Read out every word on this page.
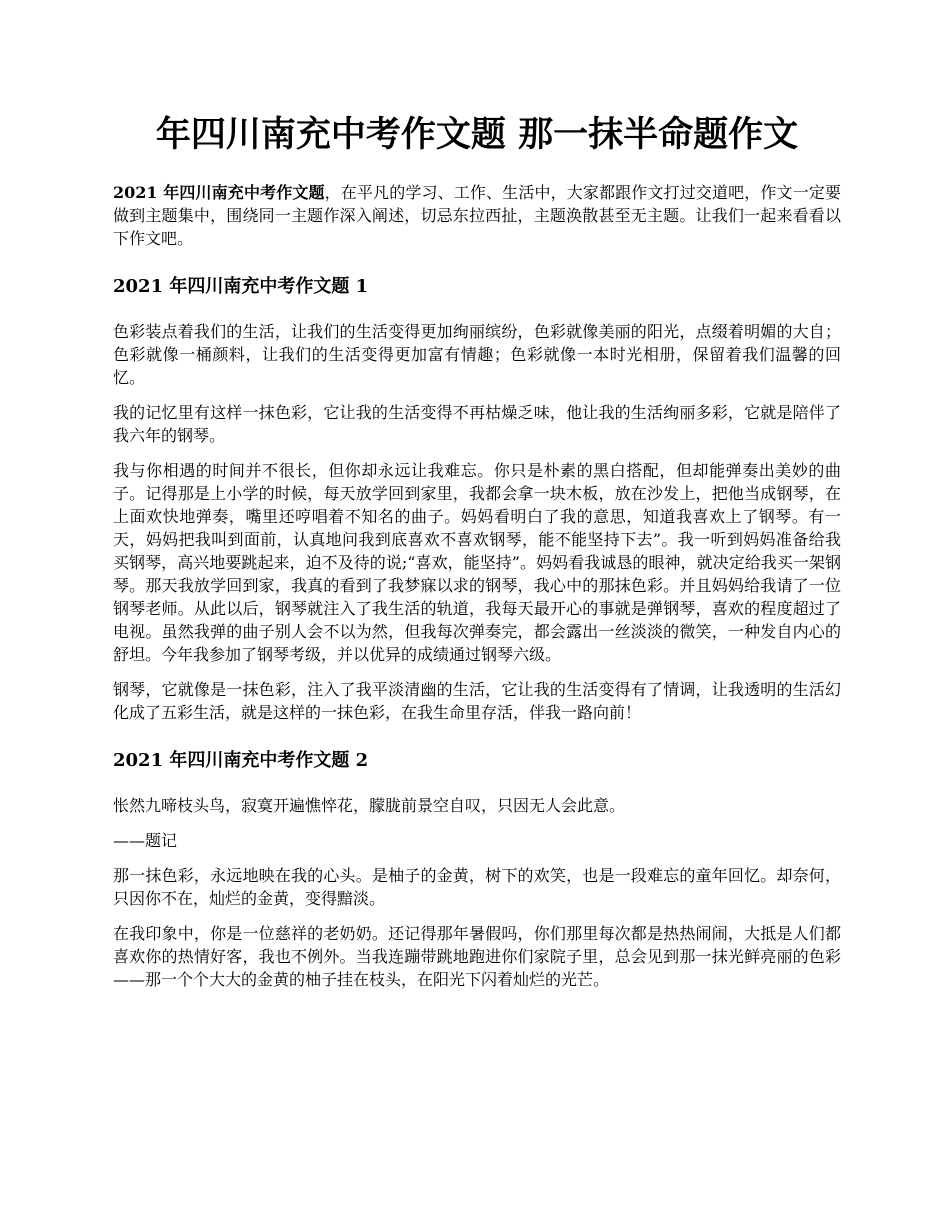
年四川南充中考作文题 那一抹半命题作文

2021 年四川南充中考作文题，在平凡的学习、工作、生活中，大家都跟作文打过交道吧，作文一定要做到主题集中，围绕同一主题作深入阐述，切忌东拉西扯，主题涣散甚至无主题。让我们一起来看看以下作文吧。

2021 年四川南充中考作文题 1

色彩装点着我们的生活，让我们的生活变得更加绚丽缤纷，色彩就像美丽的阳光，点缀着明媚的大自；色彩就像一桶颜料，让我们的生活变得更加富有情趣；色彩就像一本时光相册，保留着我们温馨的回忆。

我的记忆里有这样一抹色彩，它让我的生活变得不再枯燥乏味，他让我的生活绚丽多彩，它就是陪伴了我六年的钢琴。

我与你相遇的时间并不很长，但你却永远让我难忘。你只是朴素的黑白搭配，但却能弹奏出美妙的曲子。记得那是上小学的时候，每天放学回到家里，我都会拿一块木板，放在沙发上，把他当成钢琴，在上面欢快地弹奏，嘴里还哼唱着不知名的曲子。妈妈看明白了我的意思，知道我喜欢上了钢琴。有一天，妈妈把我叫到面前，认真地问我到底喜欢不喜欢钢琴，能不能坚持下去”。我一听到妈妈准备给我买钢琴，高兴地要跳起来，迫不及待的说;“喜欢，能坚持”。妈妈看我诚恳的眼神，就决定给我买一架钢琴。那天我放学回到家，我真的看到了我梦寐以求的钢琴，我心中的那抹色彩。并且妈妈给我请了一位钢琴老师。从此以后，钢琴就注入了我生活的轨道，我每天最开心的事就是弹钢琴，喜欢的程度超过了电视。虽然我弹的曲子别人会不以为然，但我每次弹奏完，都会露出一丝淡淡的微笑，一种发自内心的舒坦。今年我参加了钢琴考级，并以优异的成绩通过钢琴六级。

钢琴，它就像是一抹色彩，注入了我平淡清幽的生活，它让我的生活变得有了情调，让我透明的生活幻化成了五彩生活，就是这样的一抹色彩，在我生命里存活，伴我一路向前！

2021 年四川南充中考作文题 2

怅然九啼枝头鸟，寂寞开遍憔悴花，朦胧前景空自叹，只因无人会此意。

——题记

那一抹色彩，永远地映在我的心头。是柚子的金黄，树下的欢笑，也是一段难忘的童年回忆。却奈何，只因你不在，灿烂的金黄，变得黯淡。

在我印象中，你是一位慈祥的老奶奶。还记得那年暑假吗，你们那里每次都是热热闹闹，大抵是人们都喜欢你的热情好客，我也不例外。当我连蹦带跳地跑进你们家院子里，总会见到那一抹光鲜亮丽的色彩——那一个个大大的金黄的柚子挂在枝头，在阳光下闪着灿烂的光芒。
